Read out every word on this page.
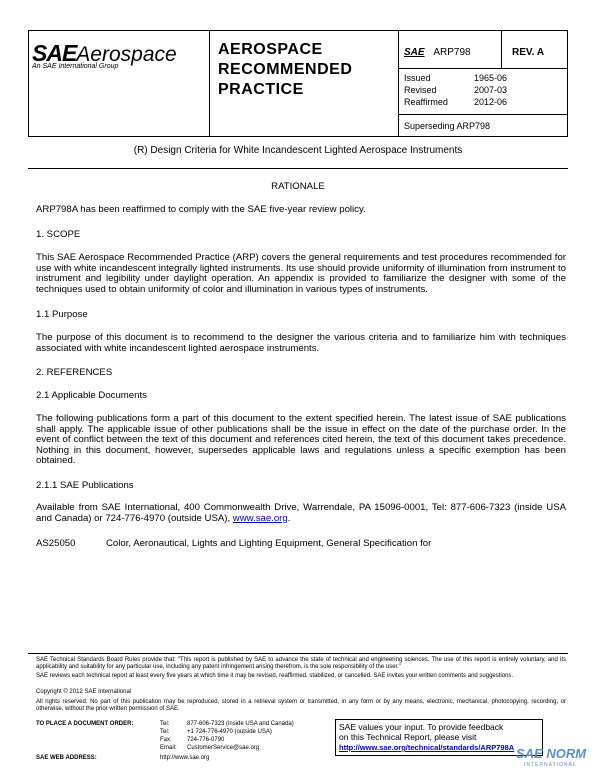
SAEAerospace
An SAE International Group
AEROSPACE
RECOMMENDED
PRACTICE
SAE ARP798	REV. A
Issued	1965-06
Revised	2007-03
Reaffirmed	2012-06
Superseding ARP798
(R) Design Criteria for White Incandescent Lighted Aerospace Instruments
RATIONALE
ARP798A has been reaffirmed to comply with the SAE five-year review policy.
1. SCOPE
This SAE Aerospace Recommended Practice (ARP) covers the general requirements and test procedures recommended for use with white incandescent integrally lighted instruments. Its use should provide uniformity of illumination from instrument to instrument and legibility under daylight operation. An appendix is provided to familiarize the designer with some of the techniques used to obtain uniformity of color and illumination in various types of instruments.
1.1 Purpose
The purpose of this document is to recommend to the designer the various criteria and to familiarize him with techniques associated with white incandescent lighted aerospace instruments.
2. REFERENCES
2.1 Applicable Documents
The following publications form a part of this document to the extent specified herein. The latest issue of SAE publications shall apply. The applicable issue of other publications shall be the issue in effect on the date of the purchase order. In the event of conflict between the text of this document and references cited herein, the text of this document takes precedence. Nothing in this document, however, supersedes applicable laws and regulations unless a specific exemption has been obtained.
2.1.1 SAE Publications
Available from SAE International, 400 Commonwealth Drive, Warrendale, PA 15096-0001, Tel: 877-606-7323 (inside USA and Canada) or 724-776-4970 (outside USA), www.sae.org.
AS25050	Color, Aeronautical, Lights and Lighting Equipment, General Specification for
SAE Technical Standards Board Rules provide that: "This report is published by SAE to advance the state of technical and engineering sciences. The use of this report is entirely voluntary, and its applicability and suitability for any particular use, including any patent infringement arising therefrom, is the sole responsibility of the user."
SAE reviews each technical report at least every five years at which time it may be revised, reaffirmed, stabilized, or cancelled. SAE invites your written comments and suggestions.
Copyright © 2012 SAE International
All rights reserved. No part of this publication may be reproduced, stored in a retrieval system or transmitted, in any form or by any means, electronic, mechanical, photocopying, recording, or otherwise, without the prior written permission of SAE.
TO PLACE A DOCUMENT ORDER:	Tel:	877-606-7323 (inside USA and Canada)
Tel:	+1 724-776-4970 (outside USA)
Fax:	724-776-0790
Email: CustomerService@sae.org
SAE WEB ADDRESS:	http://www.sae.org
SAE values your input. To provide feedback
on this Technical Report, please visit
http://www.sae.org/technical/standards/ARP798A SAE NORM
INTERNATIONAL
